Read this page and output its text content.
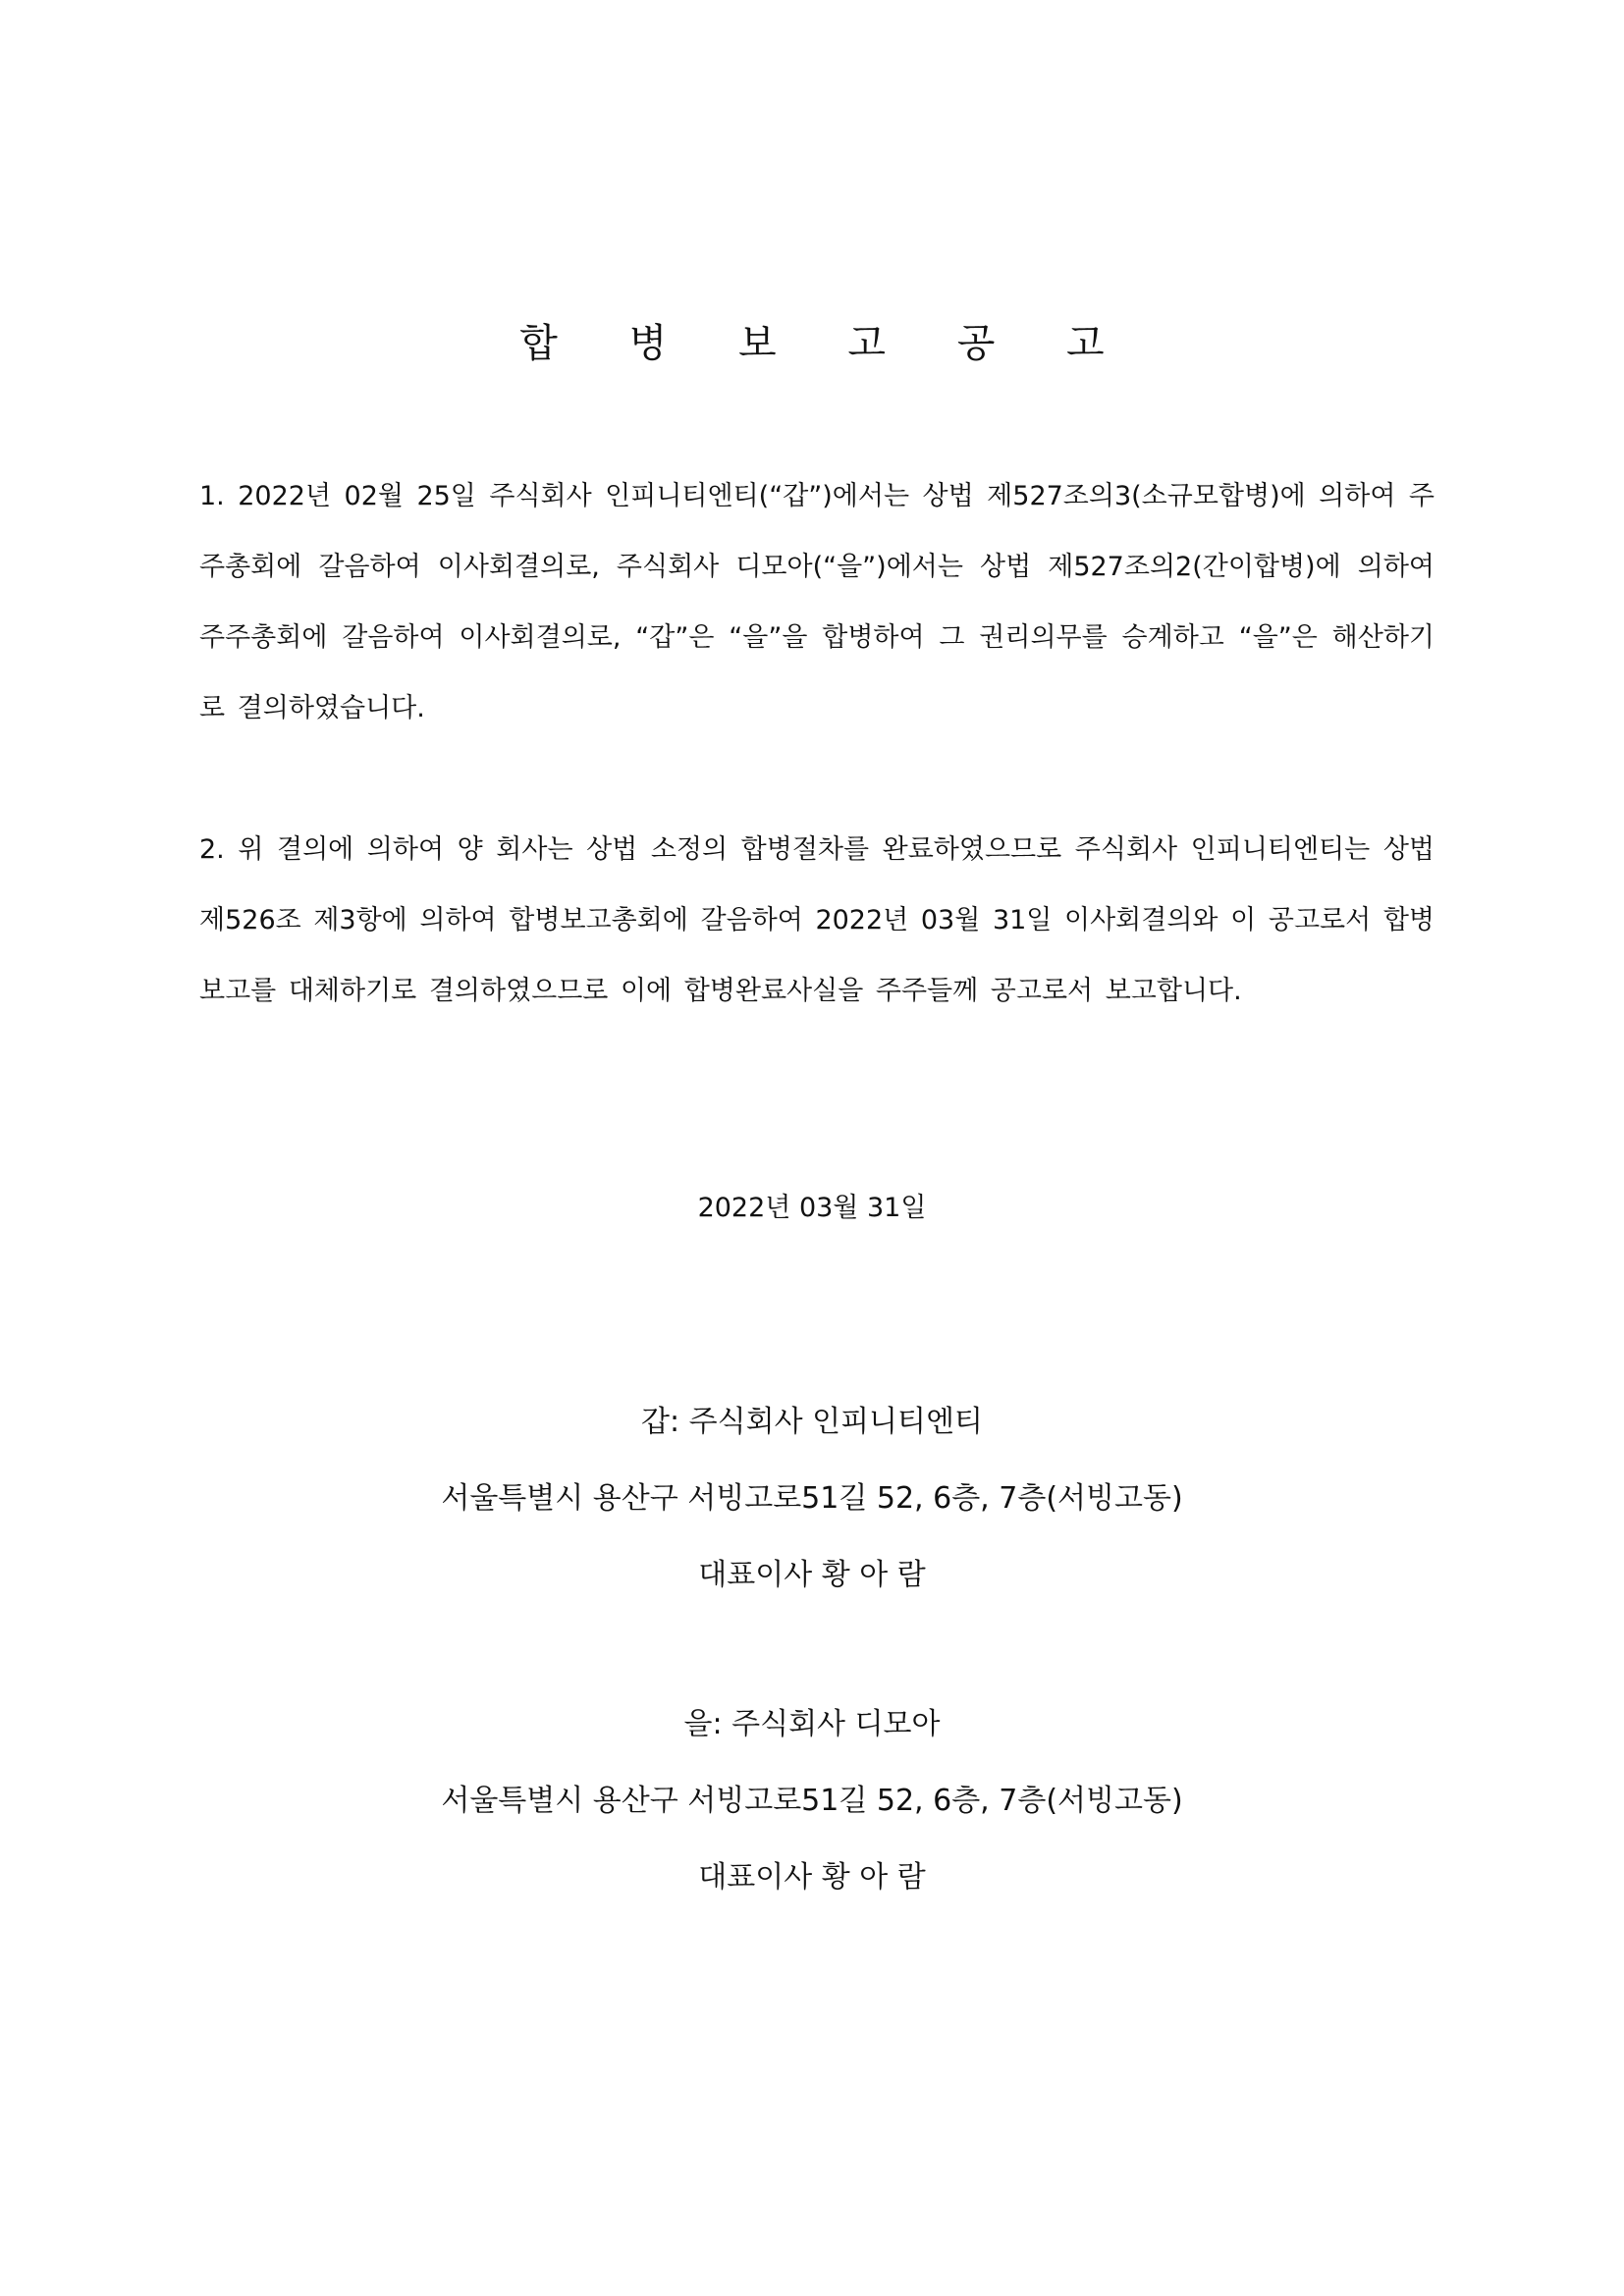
합 병 보 고 공 고

1. 2022년 02월 25일 주식회사 인피니티엔티(“갑”)에서는 상법 제527조의3(소규모합병)에 의하여 주주총회에 갈음하여 이사회결의로, 주식회사 디모아(“을”)에서는 상법 제527조의2(간이합병)에 의하여 주주총회에 갈음하여 이사회결의로, “갑”은 “을”을 합병하여 그 권리의무를 승계하고 “을”은 해산하기로 결의하였습니다.

2. 위 결의에 의하여 양 회사는 상법 소정의 합병절차를 완료하였으므로 주식회사 인피니티엔티는 상법 제526조 제3항에 의하여 합병보고총회에 갈음하여 2022년 03월 31일 이사회결의와 이 공고로서 합병보고를 대체하기로 결의하였으므로 이에 합병완료사실을 주주들께 공고로서 보고합니다.

2022년 03월 31일

갑: 주식회사 인피니티엔티
서울특별시 용산구 서빙고로51길 52, 6층, 7층(서빙고동)
대표이사 황 아 람
을: 주식회사 디모아
서울특별시 용산구 서빙고로51길 52, 6층, 7층(서빙고동)
대표이사 황 아 람
